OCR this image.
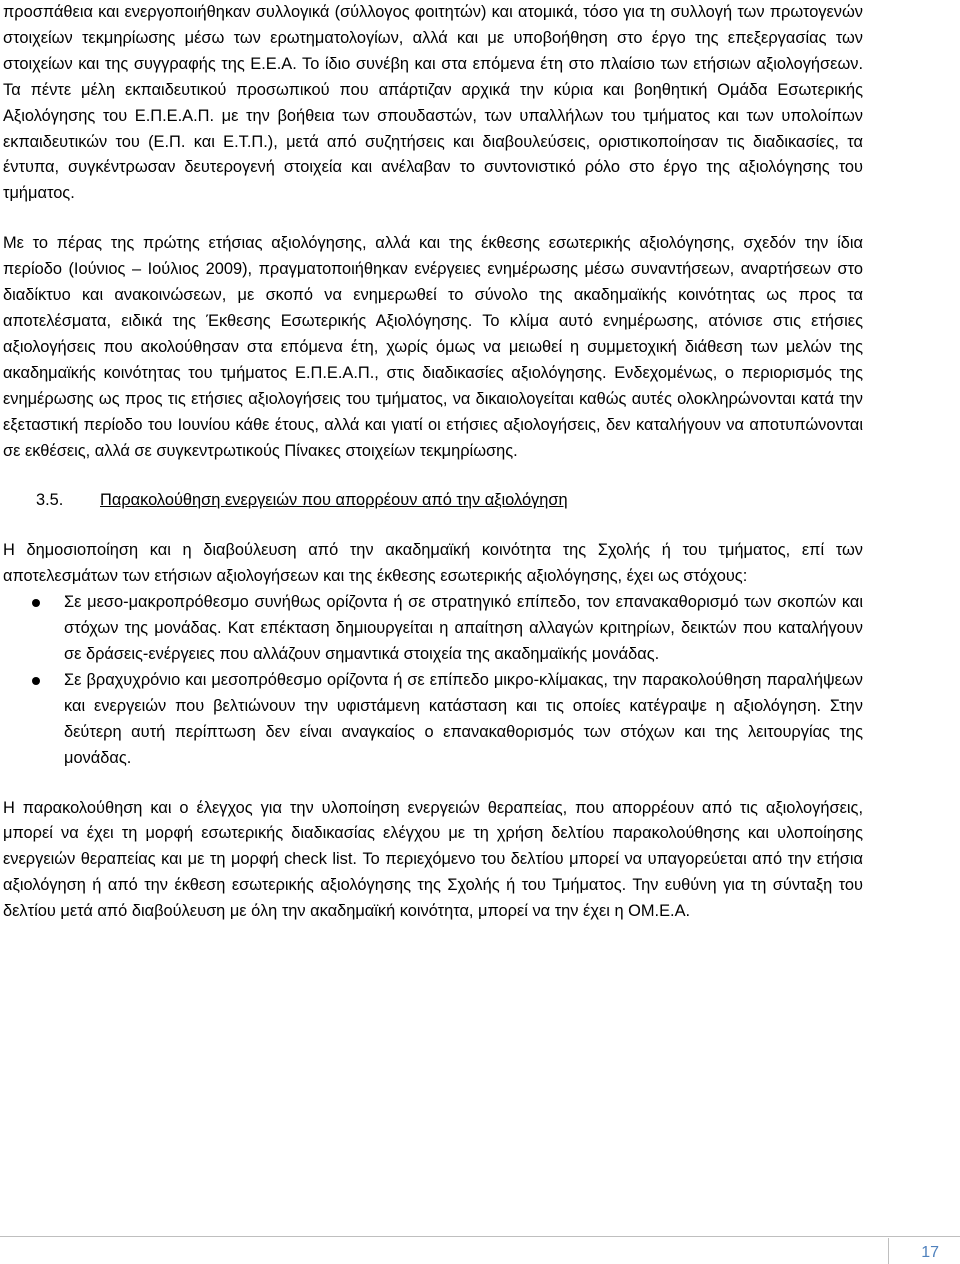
προσπάθεια και ενεργοποιήθηκαν συλλογικά (σύλλογος φοιτητών) και ατομικά, τόσο για τη συλλογή των πρωτογενών στοιχείων τεκμηρίωσης μέσω των ερωτηματολογίων, αλλά και με υποβοήθηση στο έργο της επεξεργασίας των στοιχείων και της συγγραφής της Ε.Ε.Α. Το ίδιο συνέβη και στα επόμενα έτη στο πλαίσιο των ετήσιων αξιολογήσεων. Τα πέντε μέλη εκπαιδευτικού προσωπικού που απάρτιζαν αρχικά την κύρια και βοηθητική Ομάδα Εσωτερικής Αξιολόγησης του Ε.Π.Ε.Α.Π. με την βοήθεια των σπουδαστών, των υπαλλήλων του τμήματος και των υπολοίπων εκπαιδευτικών του (Ε.Π. και Ε.Τ.Π.), μετά από συζητήσεις και διαβουλεύσεις, οριστικοποίησαν τις διαδικασίες, τα έντυπα, συγκέντρωσαν δευτερογενή στοιχεία και ανέλαβαν το συντονιστικό ρόλο στο έργο της αξιολόγησης του τμήματος.

Με το πέρας της πρώτης ετήσιας αξιολόγησης, αλλά και της έκθεσης εσωτερικής αξιολόγησης, σχεδόν την ίδια περίοδο (Ιούνιος – Ιούλιος 2009), πραγματοποιήθηκαν ενέργειες ενημέρωσης μέσω συναντήσεων, αναρτήσεων στο διαδίκτυο και ανακοινώσεων, με σκοπό να ενημερωθεί το σύνολο της ακαδημαϊκής κοινότητας ως προς τα αποτελέσματα, ειδικά της Έκθεσης Εσωτερικής Αξιολόγησης. Το κλίμα αυτό ενημέρωσης, ατόνισε στις ετήσιες αξιολογήσεις που ακολούθησαν στα επόμενα έτη, χωρίς όμως να μειωθεί η συμμετοχική διάθεση των μελών της ακαδημαϊκής κοινότητας του τμήματος Ε.Π.Ε.Α.Π., στις διαδικασίες αξιολόγησης. Ενδεχομένως, ο περιορισμός της ενημέρωσης ως προς τις ετήσιες αξιολογήσεις του τμήματος, να δικαιολογείται καθώς αυτές ολοκληρώνονται κατά την εξεταστική περίοδο του Ιουνίου κάθε έτους, αλλά και γιατί οι ετήσιες αξιολογήσεις, δεν καταλήγουν να αποτυπώνονται σε εκθέσεις, αλλά σε συγκεντρωτικούς Πίνακες στοιχείων τεκμηρίωσης.

3.5. Παρακολούθηση ενεργειών που απορρέουν από την αξιολόγηση

Η δημοσιοποίηση και η διαβούλευση από την ακαδημαϊκή κοινότητα της Σχολής ή του τμήματος, επί των αποτελεσμάτων των ετήσιων αξιολογήσεων και της έκθεσης εσωτερικής αξιολόγησης, έχει ως στόχους:

Σε μεσο-μακροπρόθεσμο συνήθως ορίζοντα ή σε στρατηγικό επίπεδο, τον επανακαθορισμό των σκοπών και στόχων της μονάδας. Κατ επέκταση δημιουργείται η απαίτηση αλλαγών κριτηρίων, δεικτών που καταλήγουν σε δράσεις-ενέργειες που αλλάζουν σημαντικά στοιχεία της ακαδημαϊκής μονάδας.
Σε βραχυχρόνιο και μεσοπρόθεσμο ορίζοντα ή σε επίπεδο μικρο-κλίμακας, την παρακολούθηση παραλήψεων και ενεργειών που βελτιώνουν την υφιστάμενη κατάσταση και τις οποίες κατέγραψε η αξιολόγηση. Στην δεύτερη αυτή περίπτωση δεν είναι αναγκαίος ο επανακαθορισμός των στόχων και της λειτουργίας της μονάδας.

Η παρακολούθηση και ο έλεγχος για την υλοποίηση ενεργειών θεραπείας, που απορρέουν από τις αξιολογήσεις, μπορεί να έχει τη μορφή εσωτερικής διαδικασίας ελέγχου με τη χρήση δελτίου παρακολούθησης και υλοποίησης ενεργειών θεραπείας και με τη μορφή check list. Το περιεχόμενο του δελτίου μπορεί να υπαγορεύεται από την ετήσια αξιολόγηση ή από την έκθεση εσωτερικής αξιολόγησης της Σχολής ή του Τμήματος. Την ευθύνη για τη σύνταξη του δελτίου μετά από διαβούλευση με όλη την ακαδημαϊκή κοινότητα, μπορεί να την έχει η ΟΜ.Ε.Α.

17
